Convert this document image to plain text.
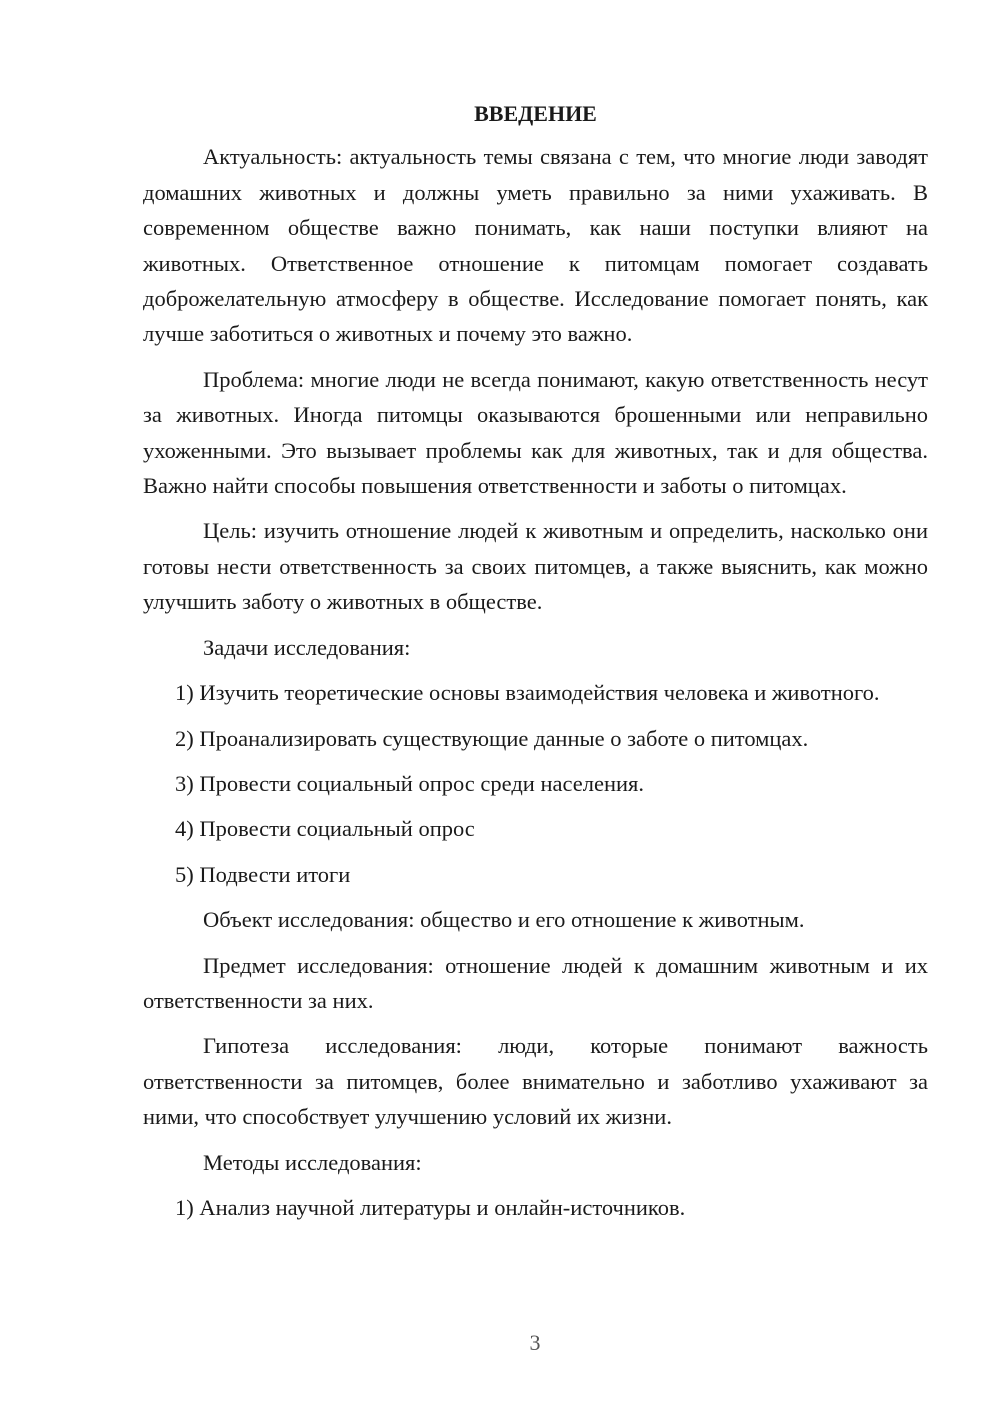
ВВЕДЕНИЕ

Актуальность: актуальность темы связана с тем, что многие люди заводят домашних животных и должны уметь правильно за ними ухаживать. В современном обществе важно понимать, как наши поступки влияют на животных. Ответственное отношение к питомцам помогает создавать доброжелательную атмосферу в обществе. Исследование помогает понять, как лучше заботиться о животных и почему это важно.

Проблема: многие люди не всегда понимают, какую ответственность несут за животных. Иногда питомцы оказываются брошенными или неправильно ухоженными. Это вызывает проблемы как для животных, так и для общества. Важно найти способы повышения ответственности и заботы о питомцах.

Цель: изучить отношение людей к животным и определить, насколько они готовы нести ответственность за своих питомцев, а также выяснить, как можно улучшить заботу о животных в обществе.

Задачи исследования:

1) Изучить теоретические основы взаимодействия человека и животного.

2) Проанализировать существующие данные о заботе о питомцах.

3) Провести социальный опрос среди населения.

4) Провести социальный опрос

5) Подвести итоги

Объект исследования: общество и его отношение к животным.

Предмет исследования: отношение людей к домашним животным и их ответственности за них.

Гипотеза исследования: люди, которые понимают важность ответственности за питомцев, более внимательно и заботливо ухаживают за ними, что способствует улучшению условий их жизни.

Методы исследования:

1) Анализ научной литературы и онлайн-источников.

3
